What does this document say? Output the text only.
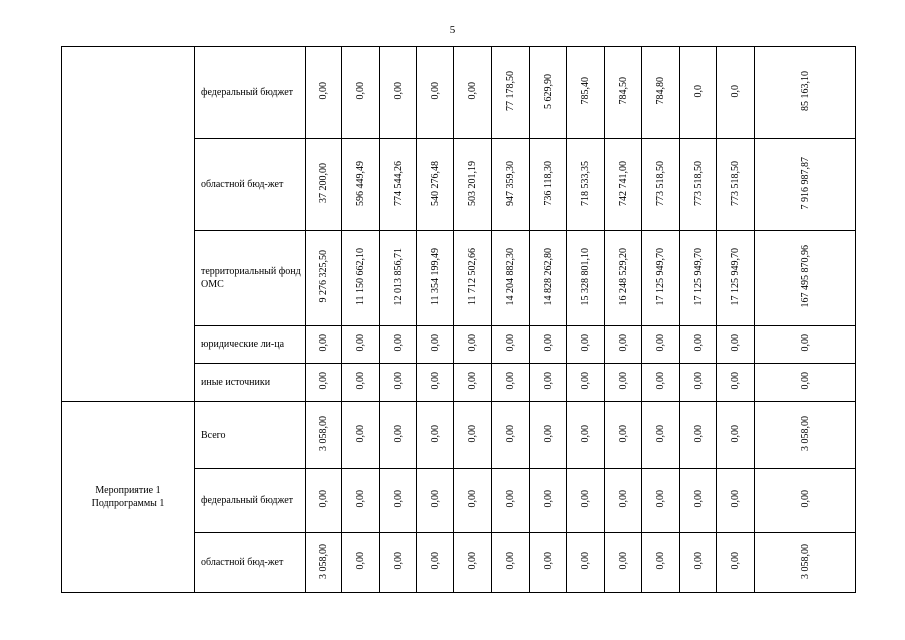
5
	федеральный бюджет	0,00	0,00	0,00	0,00	0,00	77 178,50	5 629,90	785,40	784,50	784,80	0,0	0,0	85 163,10
	областной бюд-жет	37 200,00	596 449,49	774 544,26	540 276,48	503 201,19	947 359,30	736 118,30	718 533,35	742 741,00	773 518,50	773 518,50	773 518,50	7 916 987,87
	территориальный фонд ОМС	9 276 325,50	11 150 662,10	12 013 856,71	11 354 199,49	11 712 502,66	14 204 882,30	14 828 262,80	15 328 801,10	16 248 529,20	17 125 949,70	17 125 949,70	17 125 949,70	167 495 870,96
	юридические ли-ца	0,00	0,00	0,00	0,00	0,00	0,00	0,00	0,00	0,00	0,00	0,00	0,00	0,00
	иные источники	0,00	0,00	0,00	0,00	0,00	0,00	0,00	0,00	0,00	0,00	0,00	0,00	0,00

Мероприятие 1
Подпрограммы 1	Всего	3 058,00	0,00	0,00	0,00	0,00	0,00	0,00	0,00	0,00	0,00	0,00	0,00	3 058,00
	федеральный бюджет	0,00	0,00	0,00	0,00	0,00	0,00	0,00	0,00	0,00	0,00	0,00	0,00	0,00
	областной бюд-жет	3 058,00	0,00	0,00	0,00	0,00	0,00	0,00	0,00	0,00	0,00	0,00	0,00	3 058,00
